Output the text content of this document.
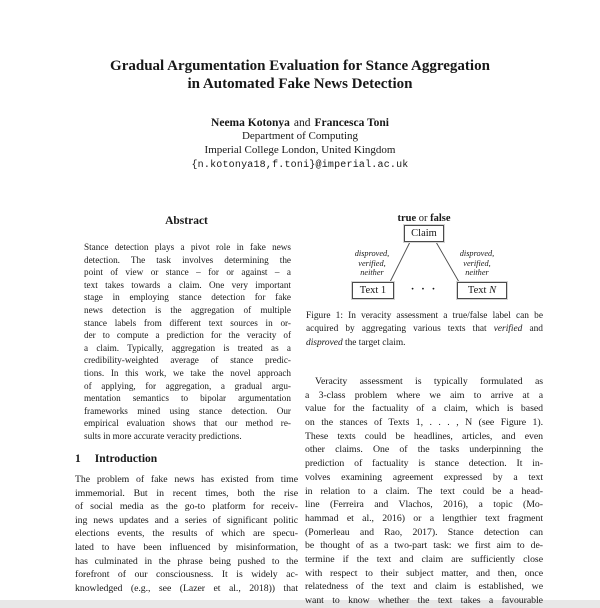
Gradual Argumentation Evaluation for Stance Aggregation
in Automated Fake News Detection
Neema Kotonya and Francesca Toni
Department of Computing
Imperial College London, United Kingdom
{n.kotonya18,f.toni}@imperial.ac.uk
Abstract
Stance detection plays a pivot role in fake news
detection. The task involves determining the
point of view or stance – for or against – a
text takes towards a claim. One very important
stage in employing stance detection for fake
news detection is the aggregation of multiple
stance labels from different text sources in or-
der to compute a prediction for the veracity of
a claim. Typically, aggregation is treated as a
credibility-weighted average of stance predic-
tions. In this work, we take the novel approach
of applying, for aggregation, a gradual argu-
mentation semantics to bipolar argumentation
frameworks mined using stance detection. Our
empirical evaluation shows that our method re-
sults in more accurate veracity predictions.
1 Introduction
The problem of fake news has existed from time
immemorial. But in recent times, both the rise
of social media as the go-to platform for receiv-
ing news updates and a series of significant politic
elections events, the results of which are specu-
lated to have been influenced by misinformation,
has culminated in the phrase being pushed to the
forefront of our consciousness. It is widely ac-
knowledged (e.g., see (Lazer et al., 2018)) that
true or false
Claim
disproved,
verified,
neither
disproved,
verified,
neither
Text 1	· · ·	Text N
Figure 1: In veracity assessment a true/false label can be acquired by aggregating various texts that verified and disproved the target claim.
Veracity assessment is typically formulated as
a 3-class problem where we aim to arrive at a
value for the factuality of a claim, which is based
on the stances of Texts 1, . . . , N (see Figure 1).
These texts could be headlines, articles, and even
other claims. One of the tasks underpinning the
prediction of factuality is stance detection. It in-
volves examining agreement expressed by a text
in relation to a claim. The text could be a head-
line (Ferreira and Vlachos, 2016), a topic (Mo-
hammad et al., 2016) or a lengthier text fragment
(Pomerleau and Rao, 2017). Stance detection can
be thought of as a two-part task: we first aim to de-
termine if the text and claim are sufficiently close
with respect to their subject matter, and then, once
relatedness of the text and claim is established, we
want to know whether the text takes a favourable
